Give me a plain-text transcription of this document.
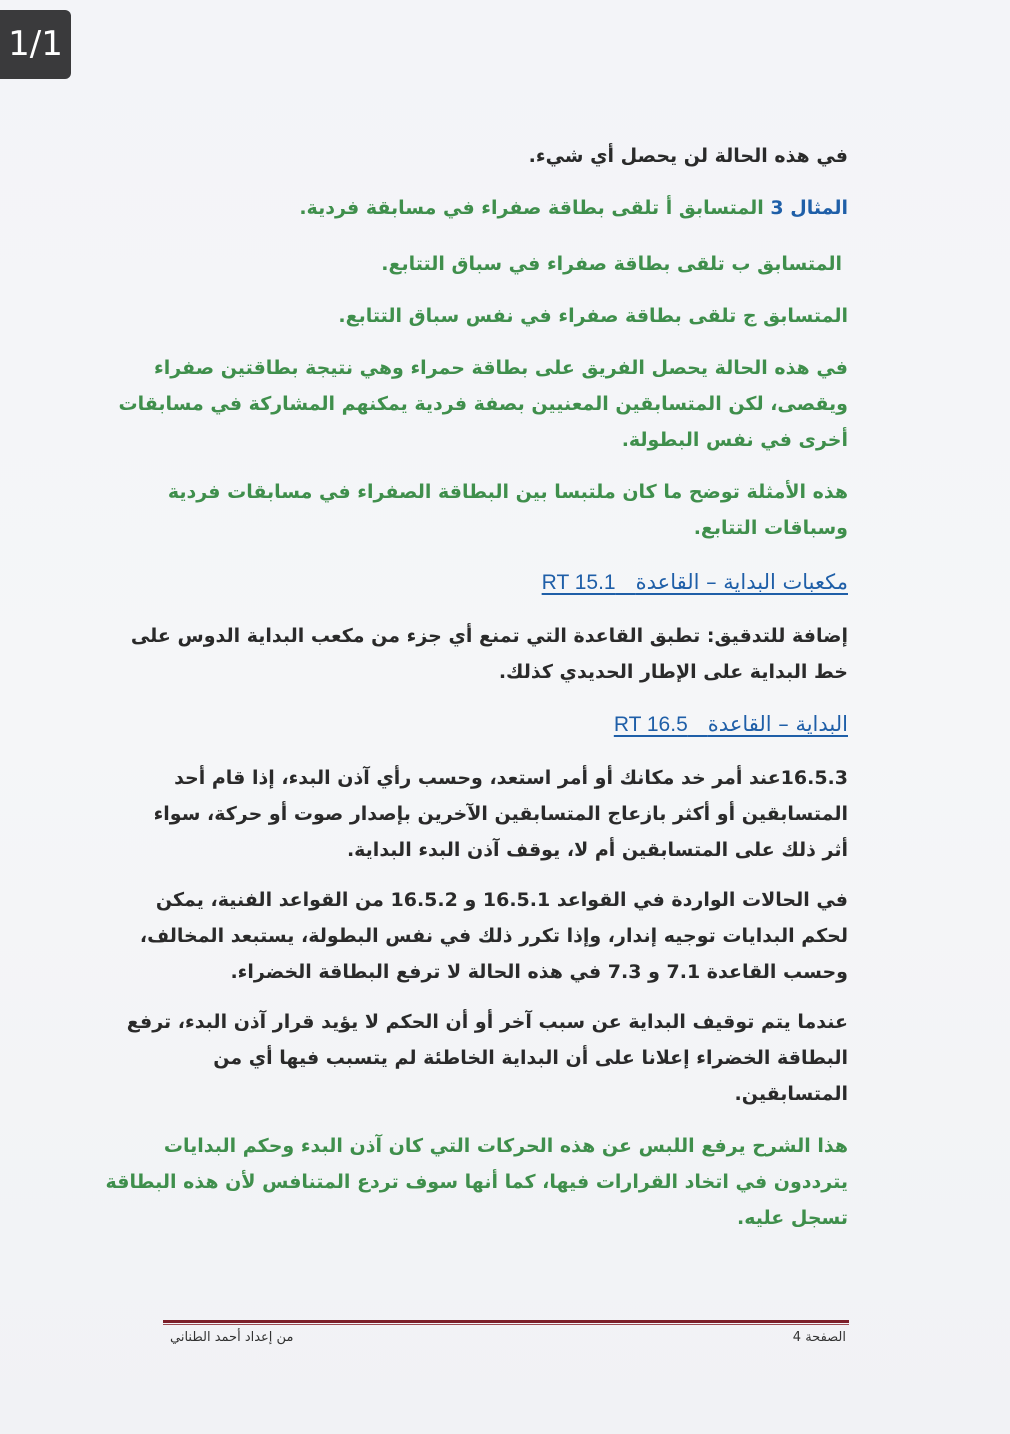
1/1
في هذه الحالة لن يحصل أي شيء.
المثال 3 المتسابق أ تلقى بطاقة صفراء في مسابقة فردية.
المتسابق ب تلقى بطاقة صفراء في سباق التتابع.
المتسابق ج تلقى بطاقة صفراء في نفس سباق التتابع.
في هذه الحالة يحصل الفريق على بطاقة حمراء وهي نتيجة بطاقتين صفراء
ويقصى، لكن المتسابقين المعنيين بصفة فردية يمكنهم المشاركة في مسابقات
أخرى في نفس البطولة.
هذه الأمثلة توضح ما كان ملتبسا بين البطاقة الصفراء في مسابقات فردية
وسباقات التتابع.
مكعبات البداية – القاعدة   RT 15.1
إضافة للتدقيق: تطبق القاعدة التي تمنع أي جزء من مكعب البداية الدوس على
خط البداية على الإطار الحديدي كذلك.
البداية – القاعدة   RT 16.5
16.5.3عند أمر خد مكانك أو أمر استعد، وحسب رأي آذن البدء، إذا قام أحد
المتسابقين أو أكثر بازعاج المتسابقين الآخرين بإصدار صوت أو حركة، سواء
أثر ذلك على المتسابقين أم لا، يوقف آذن البدء البداية.
في الحالات الواردة في القواعد 16.5.1 و 16.5.2 من القواعد الفنية، يمكن
لحكم البدايات توجيه إندار، وإذا تكرر ذلك في نفس البطولة، يستبعد المخالف،
وحسب القاعدة 7.1 و 7.3 في هذه الحالة لا ترفع البطاقة الخضراء.
عندما يتم توقيف البداية عن سبب آخر أو أن الحكم لا يؤيد قرار آذن البدء، ترفع
البطاقة الخضراء إعلانا على أن البداية الخاطئة لم يتسبب فيها أي من
المتسابقين.
هذا الشرح يرفع اللبس عن هذه الحركات التي كان آذن البدء وحكم البدايات
يترددون في اتخاد القرارات فيها، كما أنها سوف تردع المتنافس لأن هذه البطاقة
تسجل عليه.
الصفحة 4
من إعداد أحمد الطناني
